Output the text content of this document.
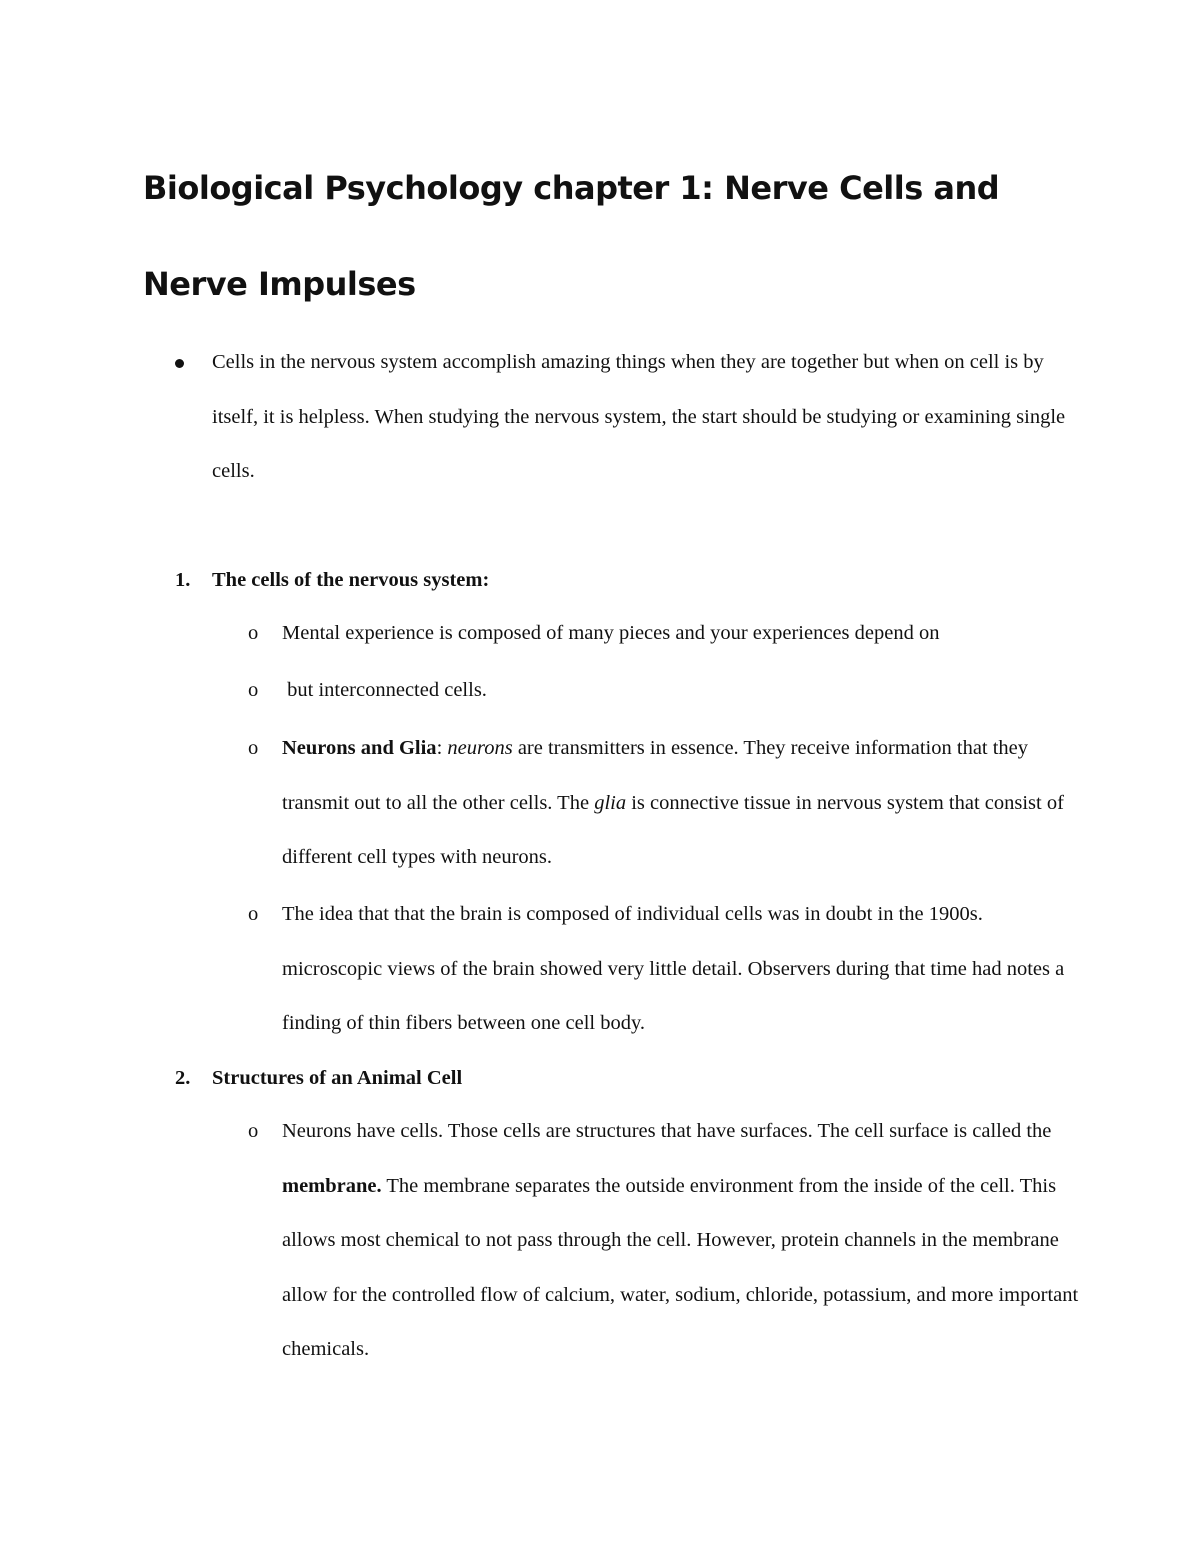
Biological Psychology chapter 1: Nerve Cells and Nerve Impulses

Cells in the nervous system accomplish amazing things when they are together but when on cell is by itself, it is helpless. When studying the nervous system, the start should be studying or examining single cells.

1. The cells of the nervous system:

o Mental experience is composed of many pieces and your experiences depend on

o but interconnected cells.

o Neurons and Glia: neurons are transmitters in essence. They receive information that they transmit out to all the other cells. The glia is connective tissue in nervous system that consist of different cell types with neurons.

o The idea that that the brain is composed of individual cells was in doubt in the 1900s. microscopic views of the brain showed very little detail. Observers during that time had notes a finding of thin fibers between one cell body.

2. Structures of an Animal Cell

o Neurons have cells. Those cells are structures that have surfaces. The cell surface is called the membrane. The membrane separates the outside environment from the inside of the cell. This allows most chemical to not pass through the cell. However, protein channels in the membrane allow for the controlled flow of calcium, water, sodium, chloride, potassium, and more important chemicals.
